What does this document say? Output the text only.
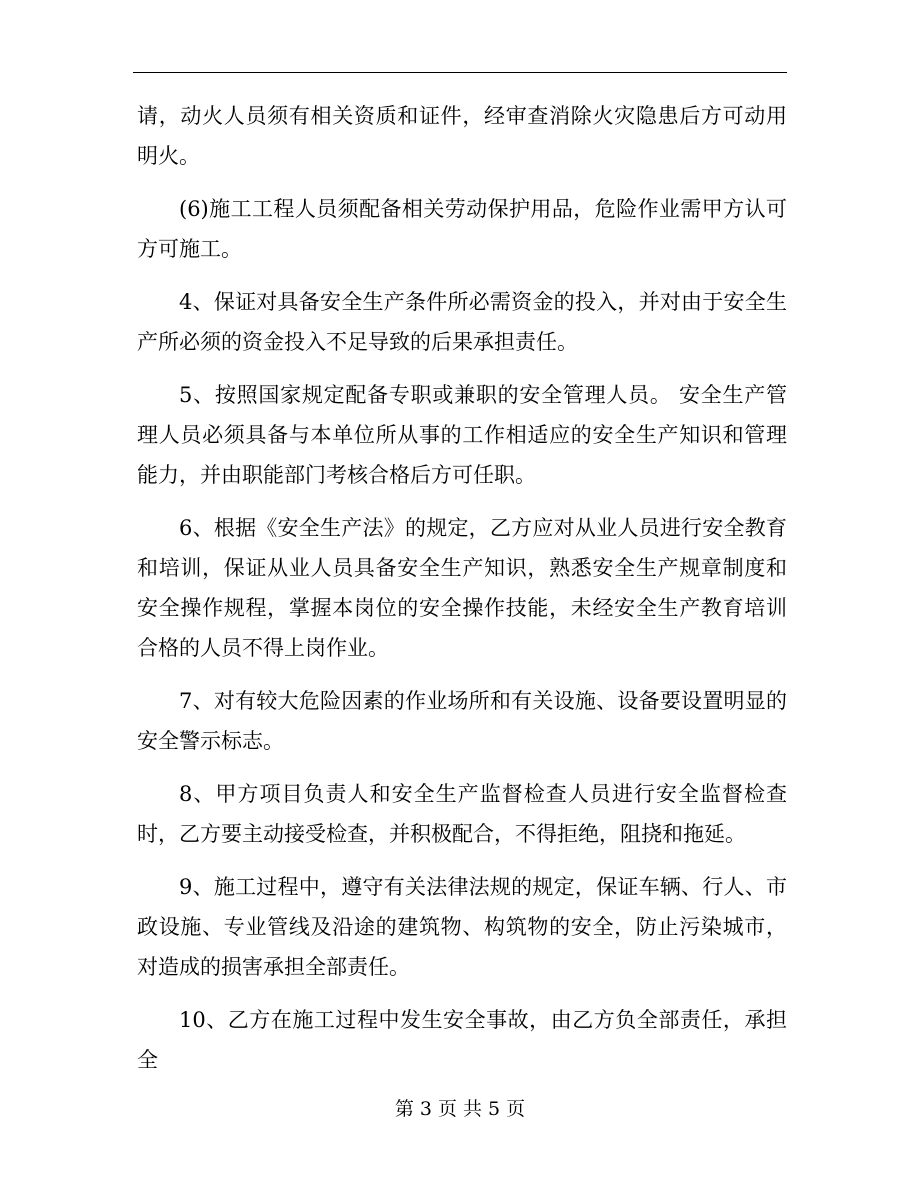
请，动火人员须有相关资质和证件，经审查消除火灾隐患后方可动用明火。

(6)施工工程人员须配备相关劳动保护用品，危险作业需甲方认可方可施工。

4、保证对具备安全生产条件所必需资金的投入，并对由于安全生产所必须的资金投入不足导致的后果承担责任。

5、按照国家规定配备专职或兼职的安全管理人员。 安全生产管理人员必须具备与本单位所从事的工作相适应的安全生产知识和管理能力，并由职能部门考核合格后方可任职。

6、根据《安全生产法》的规定，乙方应对从业人员进行安全教育和培训，保证从业人员具备安全生产知识，熟悉安全生产规章制度和安全操作规程，掌握本岗位的安全操作技能，未经安全生产教育培训合格的人员不得上岗作业。

7、对有较大危险因素的作业场所和有关设施、设备要设置明显的安全警示标志。

8、甲方项目负责人和安全生产监督检查人员进行安全监督检查时，乙方要主动接受检查，并积极配合，不得拒绝，阻挠和拖延。

9、施工过程中，遵守有关法律法规的规定，保证车辆、行人、市政设施、专业管线及沿途的建筑物、构筑物的安全，防止污染城市，对造成的损害承担全部责任。

10、乙方在施工过程中发生安全事故，由乙方负全部责任，承担全

第 3 页 共 5 页
